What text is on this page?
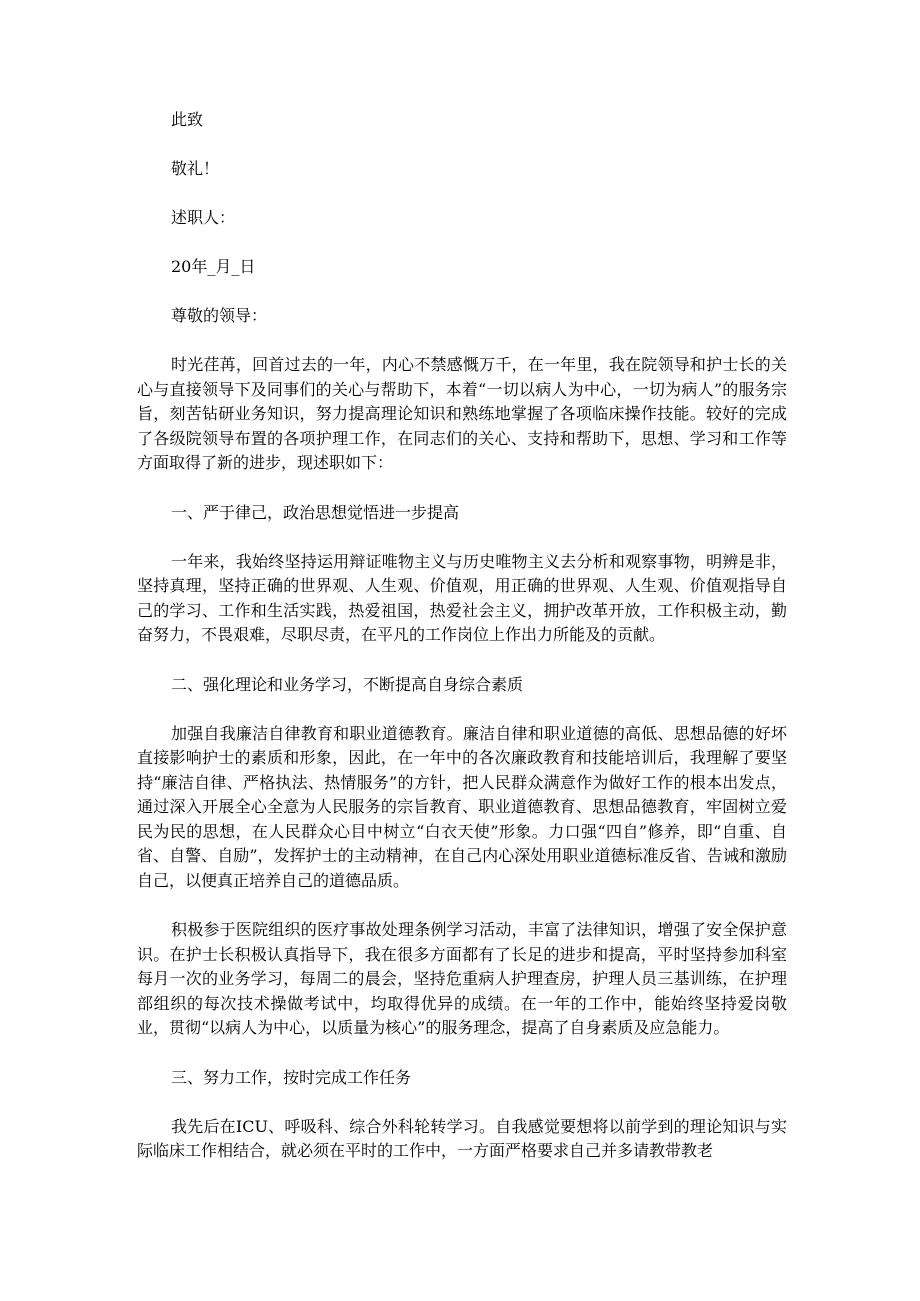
此致

敬礼！

述职人：

20年_月_日

尊敬的领导：

时光荏苒，回首过去的一年，内心不禁感慨万千，在一年里，我在院领导和护士长的关心与直接领导下及同事们的关心与帮助下，本着“一切以病人为中心，一切为病人”的服务宗旨，刻苦钻研业务知识，努力提高理论知识和熟练地掌握了各项临床操作技能。较好的完成了各级院领导布置的各项护理工作，在同志们的关心、支持和帮助下，思想、学习和工作等方面取得了新的进步，现述职如下：

一、严于律己，政治思想觉悟进一步提高

一年来，我始终坚持运用辩证唯物主义与历史唯物主义去分析和观察事物，明辨是非，坚持真理，坚持正确的世界观、人生观、价值观，用正确的世界观、人生观、价值观指导自己的学习、工作和生活实践，热爱祖国，热爱社会主义，拥护改革开放，工作积极主动，勤奋努力，不畏艰难，尽职尽责，在平凡的工作岗位上作出力所能及的贡献。

二、强化理论和业务学习，不断提高自身综合素质

加强自我廉洁自律教育和职业道德教育。廉洁自律和职业道德的高低、思想品德的好坏直接影响护士的素质和形象，因此，在一年中的各次廉政教育和技能培训后，我理解了要坚持“廉洁自律、严格执法、热情服务”的方针，把人民群众满意作为做好工作的根本出发点，通过深入开展全心全意为人民服务的宗旨教育、职业道德教育、思想品德教育，牢固树立爱民为民的思想，在人民群众心目中树立“白衣天使”形象。力口强“四自”修养，即“自重、自省、自警、自励”，发挥护士的主动精神，在自己内心深处用职业道德标准反省、告诫和激励自己，以便真正培养自己的道德品质。

积极参于医院组织的医疗事故处理条例学习活动，丰富了法律知识，增强了安全保护意识。在护士长积极认真指导下，我在很多方面都有了长足的进步和提高，平时坚持参加科室每月一次的业务学习，每周二的晨会，坚持危重病人护理查房，护理人员三基训练，在护理部组织的每次技术操做考试中，均取得优异的成绩。在一年的工作中，能始终坚持爱岗敬业，贯彻“以病人为中心，以质量为核心”的服务理念，提高了自身素质及应急能力。

三、努力工作，按时完成工作任务

我先后在ICU、呼吸科、综合外科轮转学习。自我感觉要想将以前学到的理论知识与实际临床工作相结合，就必须在平时的工作中，一方面严格要求自己并多请教带教老
